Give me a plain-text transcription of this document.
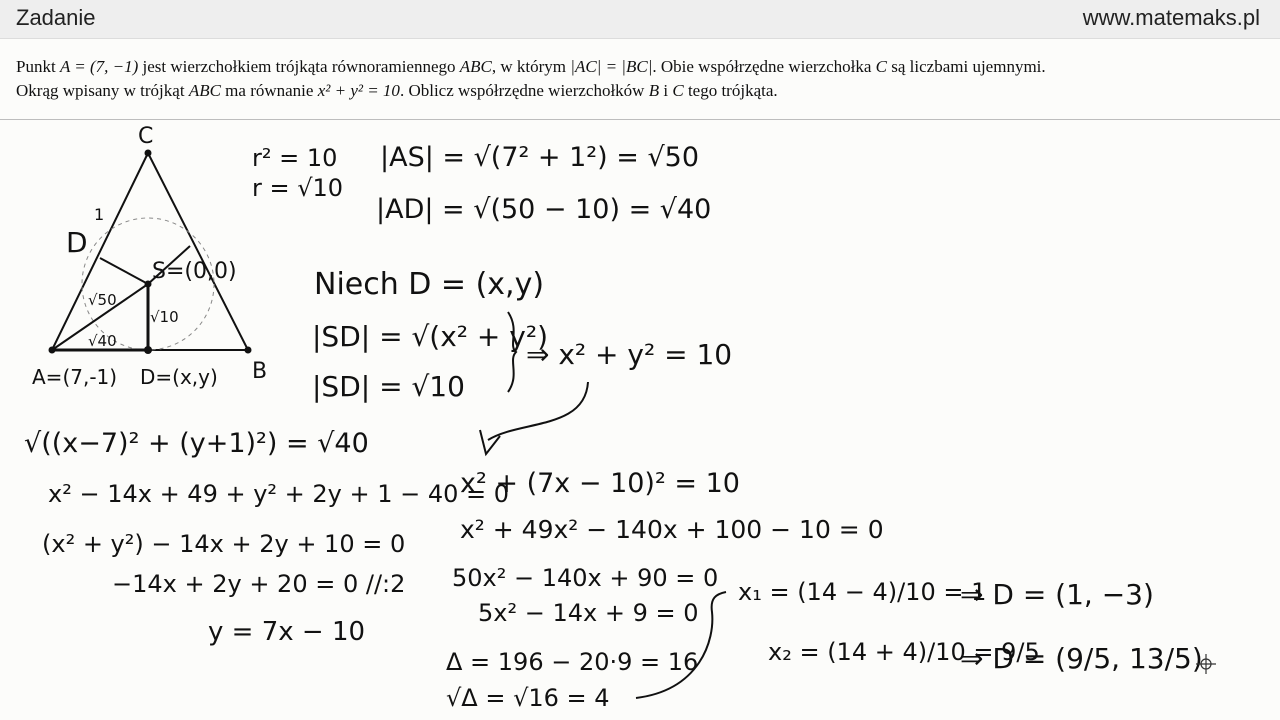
Zadanie	www.matemaks.pl
Punkt A = (7, −1) jest wierzchołkiem trójkąta równoramiennego ABC, w którym |AC| = |BC|. Obie współrzędne wierzchołka C są liczbami ujemnymi.
Okrąg wpisany w trójkąt ABC ma równanie x² + y² = 10. Oblicz współrzędne wierzchołków B i C tego trójkąta.
C
B
D
1
A=(7,-1) D=(x,y)
S=(0,0)
√50
√10
√40
r² = 10
r = √10
|AS| = √(7² + 1²) = √50
|AD| = √(50 − 10) = √40
Niech D = (x,y)
|SD| = √(x² + y²)
|SD| = √10
⇒ x² + y² = 10
√((x−7)² + (y+1)²) = √40
x² − 14x + 49 + y² + 2y + 1 − 40 = 0
(x² + y²) − 14x + 2y + 10 = 0
−14x + 2y + 20 = 0 //:2
y = 7x − 10
x² + (7x − 10)² = 10
x² + 49x² − 140x + 100 − 10 = 0
50x² − 140x + 90 = 0
5x² − 14x + 9 = 0
Δ = 196 − 20·9 = 16
√Δ = √16 = 4
x₁ = (14 − 4)/10 = 1
⇒ D = (1, −3)
x₂ = (14 + 4)/10 = 9/5
⇒ D = (9/5, 13/5)
